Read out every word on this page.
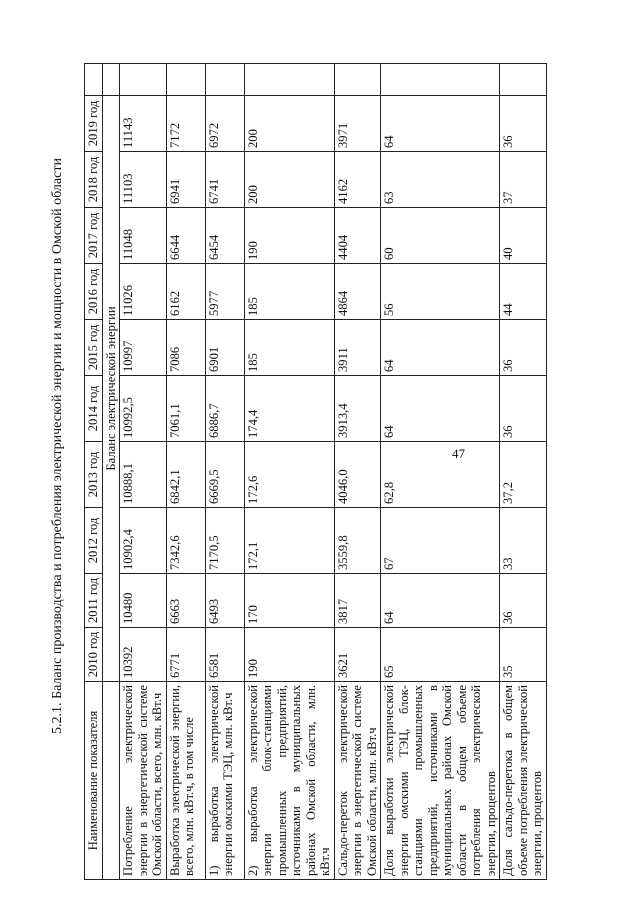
47
5.2.1. Баланс производства и потребления электрической энергии и мощности в Омской области
Наименование показателя	2010 год	2011 год	2012 год	2013 год	2014 год	2015 год	2016 год	2017 год	2018 год	2019 год	
	Баланс электрической энергии										
Потребление электрической энергии в энергетической системе Омской области, всего, млн. кВт.ч	10392	10480	10902,4	10888,1	10992,5	10997	11026	11048	11103	11143	
Выработка электрической энергии, всего, млн. кВт.ч, в том числе	6771	6663	7342,6	6842,1	7061,1	7086	6162	6644	6941	7172	
1) выработка электрической энергии омскими ТЭЦ, млн. кВт.ч	6581	6493	7170,5	6669,5	6886,7	6901	5977	6454	6741	6972	
2) выработка электрической энергии блок-станциями промышленных предприятий, источниками в муниципальных районах Омской области, млн. кВт.ч	190	170	172,1	172,6	174,4	185	185	190	200	200	
Сальдо-переток электрической энергии в энергетической системе Омской области, млн. кВт.ч	3621	3817	3559,8	4046,0	3913,4	3911	4864	4404	4162	3971	
Доля выработки электрической энергии омскими ТЭЦ, блок-станциями промышленных предприятий, источниками в муниципальных районах Омской области в общем объеме потребления электрической энергии, процентов	65	64	67	62,8	64	64	56	60	63	64	
Доля сальдо-перетока в общем объеме потребления электрической энергии, процентов	35	36	33	37,2	36	36	44	40	37	36	
